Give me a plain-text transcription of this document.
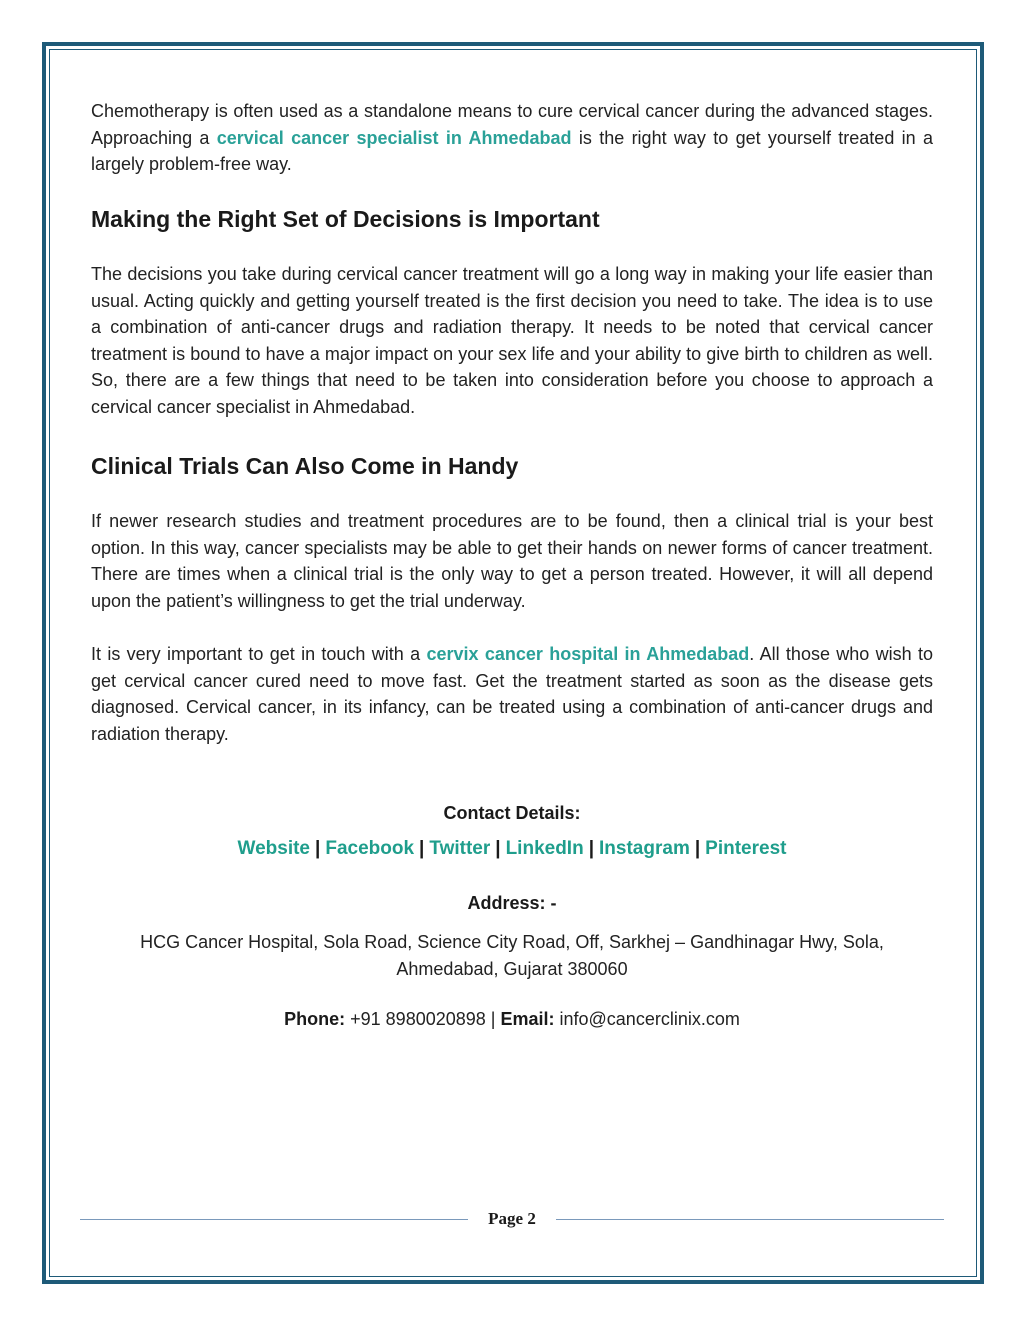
Chemotherapy is often used as a standalone means to cure cervical cancer during the advanced stages. Approaching a cervical cancer specialist in Ahmedabad is the right way to get yourself treated in a largely problem-free way.

Making the Right Set of Decisions is Important

The decisions you take during cervical cancer treatment will go a long way in making your life easier than usual. Acting quickly and getting yourself treated is the first decision you need to take. The idea is to use a combination of anti-cancer drugs and radiation therapy. It needs to be noted that cervical cancer treatment is bound to have a major impact on your sex life and your ability to give birth to children as well. So, there are a few things that need to be taken into consideration before you choose to approach a cervical cancer specialist in Ahmedabad.

Clinical Trials Can Also Come in Handy

If newer research studies and treatment procedures are to be found, then a clinical trial is your best option. In this way, cancer specialists may be able to get their hands on newer forms of cancer treatment. There are times when a clinical trial is the only way to get a person treated. However, it will all depend upon the patient’s willingness to get the trial underway.

It is very important to get in touch with a cervix cancer hospital in Ahmedabad. All those who wish to get cervical cancer cured need to move fast. Get the treatment started as soon as the disease gets diagnosed. Cervical cancer, in its infancy, can be treated using a combination of anti-cancer drugs and radiation therapy.

Contact Details:
Website | Facebook | Twitter | LinkedIn | Instagram | Pinterest
Address: -
HCG Cancer Hospital, Sola Road, Science City Road, Off, Sarkhej – Gandhinagar Hwy, Sola,
Ahmedabad, Gujarat 380060
Phone: +91 8980020898 | Email: info@cancerclinix.com
Page 2
